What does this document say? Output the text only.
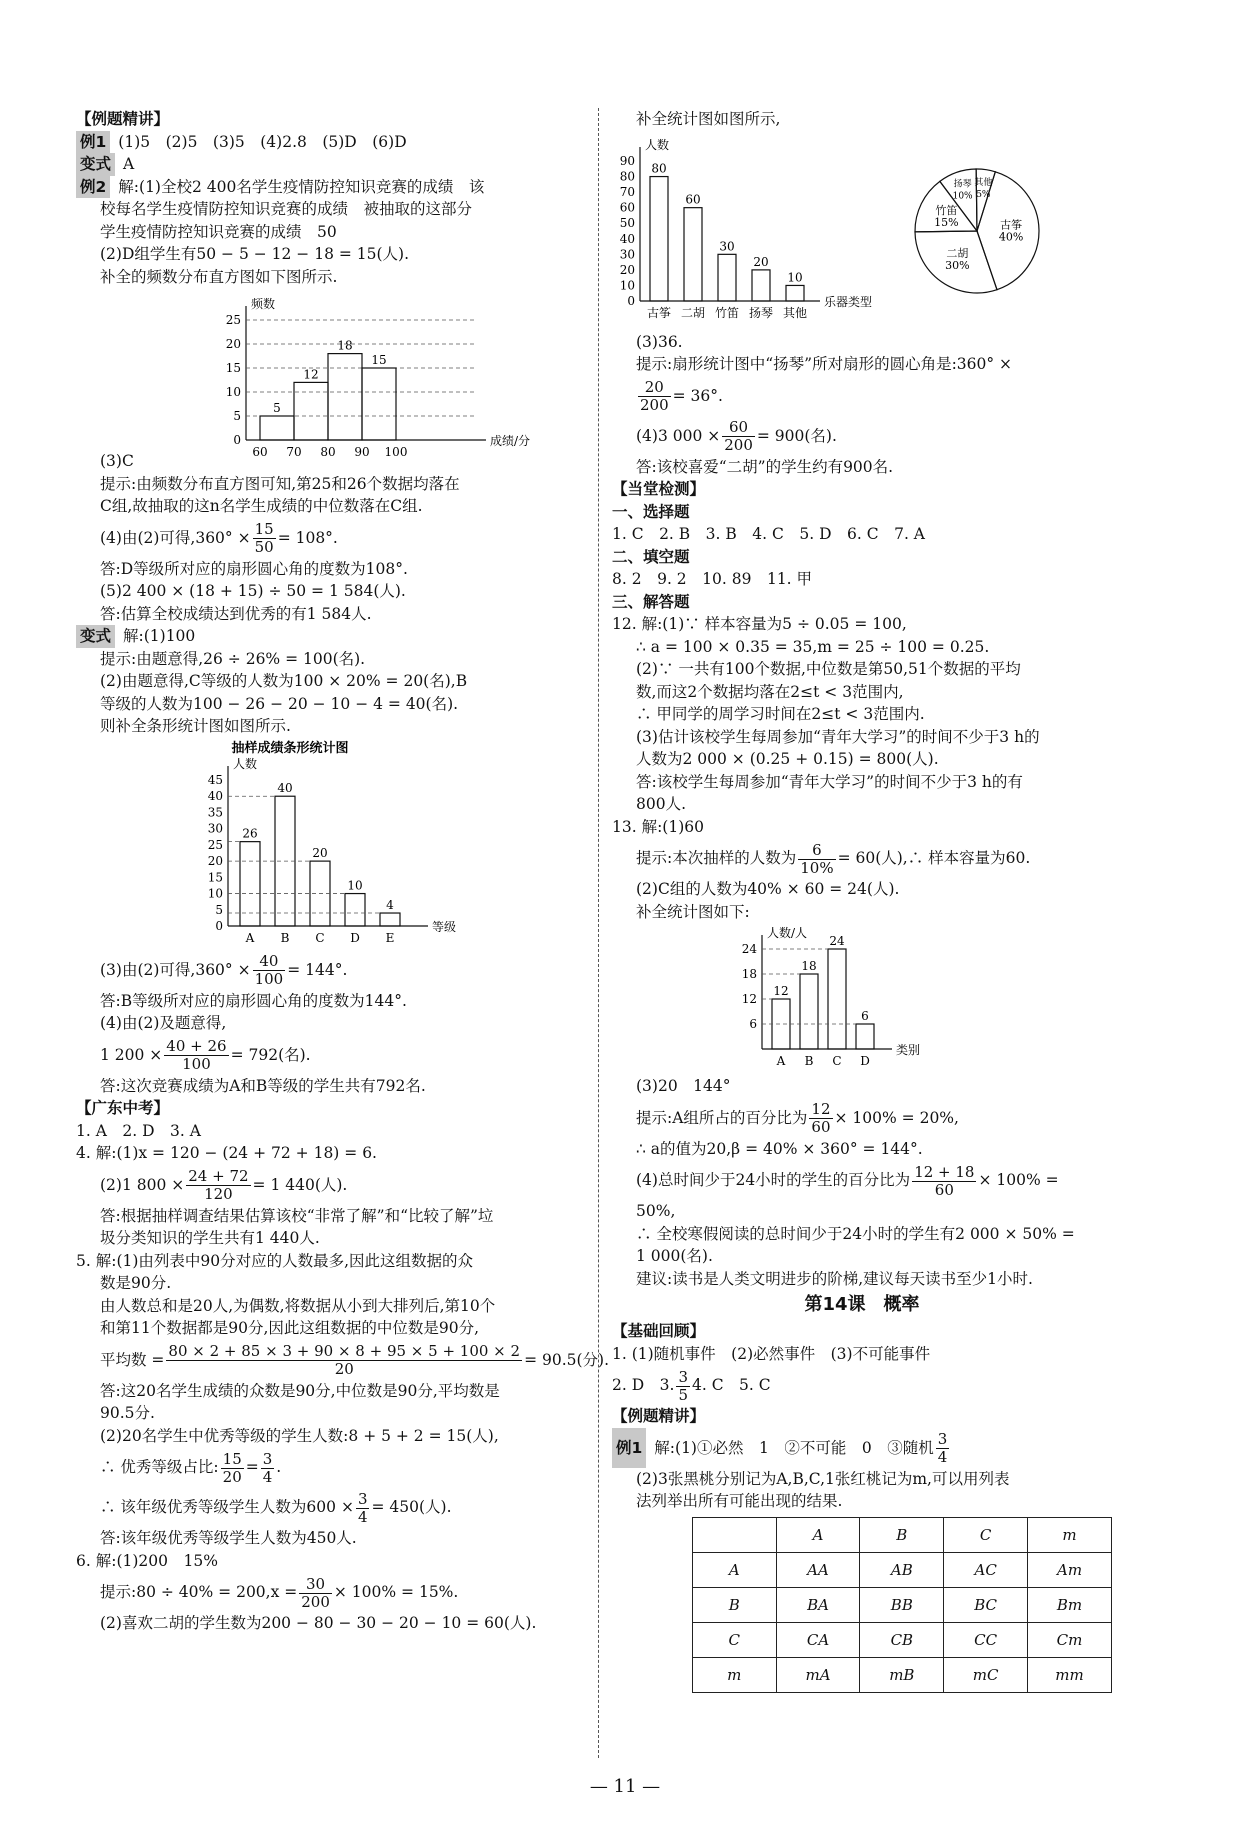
【例题精讲】
例1 (1)5　(2)5　(3)5　(4)2.8　(5)D　(6)D
变式 A
例2 解:(1)全校2 400名学生疫情防控知识竞赛的成绩　该
校每名学生疫情防控知识竞赛的成绩　被抽取的这部分
学生疫情防控知识竞赛的成绩　50
(2)D组学生有50 − 5 − 12 − 18 = 15(人).
补全的频数分布直方图如下图所示.
频数
成绩/分
0
5
10
15
20
25
5
12
18
15
60 70 80 90 100
(3)C
提示:由频数分布直方图可知,第25和26个数据均落在
C组,故抽取的这n名学生成绩的中位数落在C组.
(4)由(2)可得$,360^\circ \times \frac{15}{50} = 108^\circ$.
答:D等级所对应的扇形圆心角的度数为108°.
(5)2 400 × (18 + 15) ÷ 50 = 1 584(人).
答:估算全校成绩达到优秀的有1 584人.
变式 解:(1)100
提示:由题意得,26 ÷ 26% = 100(名).
(2)由题意得,C等级的人数为100 × 20% = 20(名),B
等级的人数为100 − 26 − 20 − 10 − 4 = 40(名).
则补全条形统计图如图所示.
抽样成绩条形统计图
人数
等级
0
5
10
15
20
25
30
35
40
45
26
40
20
10
4
A B C D E
(3)由(2)可得$,360^\circ \times \frac{40}{100} = 144^\circ$.
答:B等级所对应的扇形圆心角的度数为144°.
(4)由(2)及题意得,
1 $200 \times \frac{40 + 26}{100} = 792$(名).
答:这次竞赛成绩为A和B等级的学生共有792名.
【广东中考】
1. A　2. D　3. A
4. 解:(1)x = 120 − (24 + 72 + 18) = 6.
(2)1 $800 \times \frac{24 + 72}{120} = 1$ 440(人).
答:根据抽样调查结果估算该校“非常了解”和“比较了解”垃
圾分类知识的学生共有1 440人.
5. 解:(1)由列表中90分对应的人数最多,因此这组数据的众
数是90分.
由人数总和是20人,为偶数,将数据从小到大排列后,第10个
和第11个数据都是90分,因此这组数据的中位数是90分,
平均数 = $\frac{80 \times 2 + 85 \times 3 + 90 \times 8 + 95 \times 5 + 100 \times 2}{20} = 90.5$(分).
答:这20名学生成绩的众数是90分,中位数是90分,平均数是
90.5分.
(2)20名学生中优秀等级的学生人数:8 + 5 + 2 = 15(人),
∴ 优秀等级占比: $\frac{15}{20} = \frac{3}{4}$ .
∴ 该年级优秀等级学生人数为$600 \times \frac{3}{4} = 450$(人).
答:该年级优秀等级学生人数为450人.
6. 解:(1)200　15%
提示:80 ÷ $40\% = 200,x = \frac{30}{200} \times 100\% = 15\%$.
(2)喜欢二胡的学生数为200 − 80 − 30 − 20 − 10 = 60(人).
补全统计图如图所示,
人数
乐器类型
0
10
20
30
40
50
60
70
80
90
80
60
30
20
10
古筝 二胡 竹笛 扬琴 其他
古筝
40%
二胡
30%
竹笛
15%
扬琴
10%
其他
5%
(3)36.
提示:扇形统计图中“扬琴”所对扇形的圆心角是:360° ×
$\frac{20}{200} = 36^\circ$.
(4)3 $000 \times \frac{60}{200} = 900$(名).
答:该校喜爱“二胡”的学生约有900名.
【当堂检测】
一、选择题
1. C　2. B　3. B　4. C　5. D　6. C　7. A
二、填空题
8. 2　9. 2　10. 89　11. 甲
三、解答题
12. 解:(1)∵ 样本容量为5 ÷ 0.05 = 100,
∴ a = 100 × 0.35 = 35,m = 25 ÷ 100 = 0.25.
(2)∵ 一共有100个数据,中位数是第50,51个数据的平均
数,而这2个数据均落在2≤t < 3范围内,
∴ 甲同学的周学习时间在2≤t < 3范围内.
(3)估计该校学生每周参加“青年大学习”的时间不少于3 h的
人数为2 000 × (0.25 + 0.15) = 800(人).
答:该校学生每周参加“青年大学习”的时间不少于3 h的有
800人.
13. 解:(1)60
提示:本次抽样的人数为 $\frac{6}{10\%} = 60$(人),∴ 样本容量为60.
(2)C组的人数为40% × 60 = 24(人).
补全统计图如下:
人数/人
类别
6
12
18
24
12
18
24
6
A B C D
(3)20　144°
提示:A组所占的百分比为 $\frac{12}{60} \times 100\% = 20\%$,
∴ a的值为20,β = 40% × 360° = 144°.
(4)总时间少于24小时的学生的百分比为 $\frac{12 + 18}{60} \times 100\%$ =
50%,
∴ 全校寒假阅读的总时间少于24小时的学生有2 000 × 50% =
1 000(名).
建议:读书是人类文明进步的阶梯,建议每天读书至少1小时.
第14课　概率
【基础回顾】
1. (1)随机事件　(2)必然事件　(3)不可能事件
2. D　3. $\frac{3}{5} 4$. C　5. C
【例题精讲】
例1 解:(1)①必然　1　②不可能　0　③随机 $\frac{3}{4}$
(2)3张黑桃分别记为A,B,C,1张红桃记为m,可以用列表
法列举出所有可能出现的结果.
	A	B	C	m
A	AA	AB	AC	Am
B	BA	BB	BC	Bm
C	CA	CB	CC	Cm
m	mA	mB	mC	mm
— 11 —
